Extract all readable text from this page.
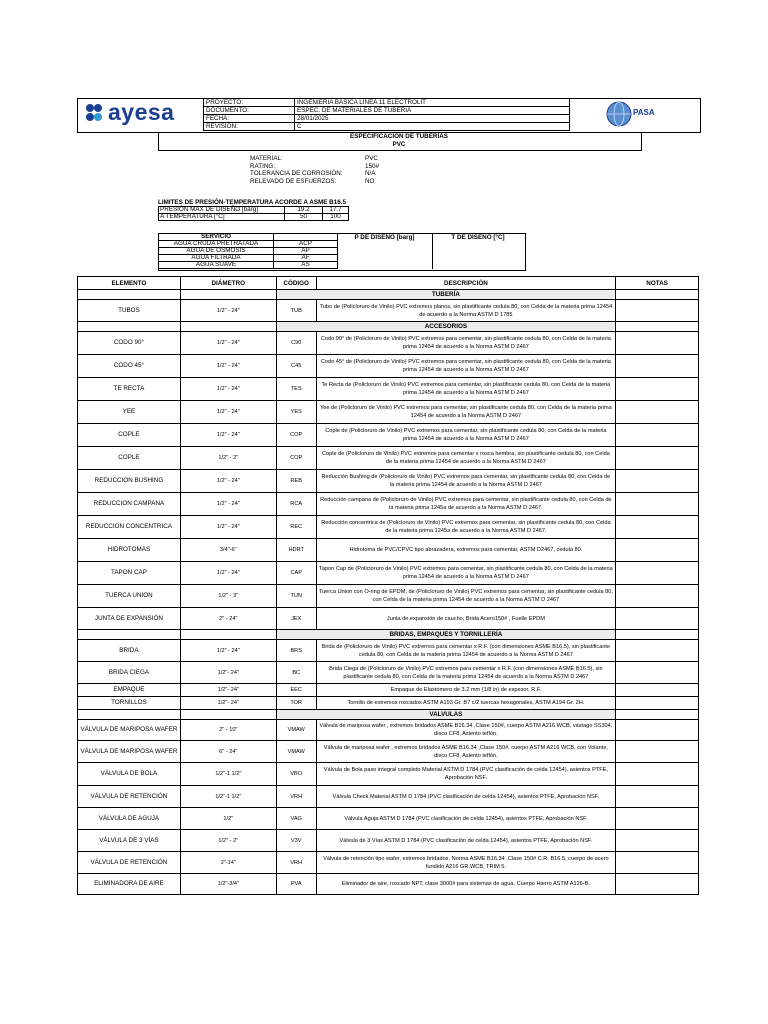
ayesa	PROYECTO:	INGENIERIA BASICA LINEA 11 ELECTROLIT
DOCUMENTO:	ESPEC. DE MATERIALES DE TUBERIA
FECHA:	28/01/2025
REVISIÓN:	C
PASA
ESPECIFICACIÓN DE TUBERÍAS
PVC
MATERIAL:	PVC
RATING:	150#
TOLERANCIA DE CORROSIÓN:	N/A
RELEVADO DE ESFUERZOS:	NO
LIMITES DE PRESIÓN-TEMPERATURA ACORDE A ASME B16.5
PRESIÓN MAX DE DISEÑO [barg]	19.2	17.7
A TEMPERATURA [°C]	50	100
SERVICIO	
AGUA CRUDA PRETRATADA	ACP
AGUA DE OSMOSIS	AP
AGUA FILTRADA	AF
AGUA SUAVE	AS
P DE DISEÑO [barg]	T DE DISEÑO [°C]
ELEMENTO	DIÁMETRO	CÓDIGO	DESCRIPCIÓN	NOTAS
		TUBERÍA		
TUBOS	1/2" - 24"	TUB	Tubo de (Policloruro de Vinilo) PVC extremos planos, sin plastificante cedula 80, con Celda de la materia prima 12454 de acuerdo a la Norma ASTM D 1785	
		ACCESORIOS		
CODO 90°	1/2" - 24"	C90	Codo 90° de (Policloruro de Vinilo) PVC extremos para cementar, sin plastificante cedula 80, con Celda de la materia prima 12454 de acuerdo a la Norma ASTM D 2467	
CODO 45°	1/2" - 24"	C45	Codo 45° de (Policloruro de Vinilo) PVC extremos para cementar, sin plastificante cedula 80, con Celda de la materia prima 12454 de acuerdo a la Norma ASTM D 2467	
TE RECTA	1/2" - 24"	TES	Te Recta de (Policloruro de Vinilo) PVC extremos para cementar, sin plastificante cedula 80, con Celda de la materia prima 12454 de acuerdo a la Norma ASTM D 2467	
YEE	1/2" - 24"	YES	Yee de (Policloruro de Vinilo) PVC extremos para cementar, sin plastificante cedula 80, con Celda de la materia prima 12454 de acuerdo a la Norma ASTM D 2467	
COPLE	1/2" - 24"	COP	Cople de (Policloruro de Vinilo) PVC extremos para cementar, sin plastificante cedula 80, con Celda de la materia prima 12454 de acuerdo a la Norma ASTM D 2467	
COPLE	1/2" - 2"	COP	Cople de (Policloruro de Vinilo) PVC extremos para cementar x rosca hembra, sin plastificante cedula 80, con Celda de la materia prima 12454 de acuerdo a la Norma ASTM D 2467	
REDUCCION BUSHING	1/2" - 24"	REB	Reducción Bushing de (Policloruro de Vinilo) PVC extremos para cementar, sin plastificante cedula 80, con Celda de la materia prima 12454 de acuerdo a la Norma ASTM D 2467	
REDUCCION CAMPANA	1/2" - 24"	RCA	Reducción campana de (Policloruro de Vinilo) PVC extremos para cementar, sin plastificante cedula 80, con Celda de la materia prima 1245a de acuerdo a la Norma ASTM D 2467.	
REDUCCION CONCENTRICA	1/2" - 24"	REC	Reducción concentrica de (Policloruro de Vinilo) PVC extremos para cementar, sin plastificante cedula 80, con Celda de la materia prima 1245a de acuerdo a la Norma ASTM D 2467.	
HIDROTOMAS	3/4"-6"	HDRT	Hidrotoma de PVC/CPVC tipo abrazadera, extremos para cementar, ASTM D2467, cedula 80.	
TAPON CAP	1/2" - 24"	CAP	Tapon Cap de (Policloruro de Vinilo) PVC extremos para cementar, sin plastificante cedula 80, con Celda de la materia prima 12454 de acuerdo a la Norma ASTM D 2467	
TUERCA UNION	1/2" - 3"	TUN	Tuerca Union con O-ring de EPDM, de (Policloruro de Vinilo) PVC extremos para cementar, sin plastificante cedula 80, con Celda de la materia prima 12454 de acuerdo a la Norma ASTM D 2467	
JUNTA DE EXPANSIÓN	2" - 24"	JEX	Junta de expansión de caucho, Brida Acero150# , Fuelle EPDM	
		BRIDAS, EMPAQUES Y TORNILLERÍA		
BRIDA	1/2" - 24"	BRS	Brida de (Policloruro de Vinilo) PVC extremos para cementar x R.F. (con dimensiones ASME B16.5), sin plastificante cedula 80, con Celda de la materia prima 12454 de acuerdo a la Norma ASTM D 2467	
BRIDA CIEGA	1/2"- 24"	BC	Brida Ciega de (Policloruro de Vinilo) PVC extremos para cementar x R.F. (con dimensiones ASME B16.5), sin plastificante cedula 80, con Celda de la materia prima 12454 de acuerdo a la Norma ASTM D 2467	
EMPAQUE	1/2"- 24"	EEC	Empaque de Elastómero de 3.2 mm (1/8 in) de espesor, R.F.	
TORNILLOS	1/2"- 24"	TOR	Tornillo de extremos roscados ASTM A193 Gr. B7 c/2 tuercas hexagonales, ASTM A194 Gr. 2H.	
		VALVULAS		
VÁLVULA DE MARIPOSA WAFER	2" - 10"	VMAW	Válvula de mariposa wafer , extremos bridados ASME B16.34 ,Clase 150#, cuerpo ASTM A216 WCB, vástago SS304, disco CF8, Asiento teflón.	
VÁLVULA DE MARIPOSA WAFER	6" - 24"	VMAW	Válvula de mariposa wafer , extremos bridados ASME B16.34 ,Clase 150#, cuerpo ASTM A216 WCB, con Volante, disco CF8, Asiento teflón.	
VÁLVULA DE BOLA	1/2"-1 1/2"	VBO	Válvula de Bola paso integral completo Material ASTM D 1784 (PVC clasificación de celda 12454), asientos PTFE, Aprobación NSF.	
VÁLVULA DE RETENCIÓN	1/2"-1 1/2"	VRH	Válvula Check Material ASTM D 1784 (PVC clasificación de celda 12454), asientos PTFE, Aprobación NSF.	
VÁLVULA DE AGUJA	1/2"	VAG	Válvula Aguja ASTM D 1784 (PVC clasificación de celda 12454), asientos PTFE, Aprobación NSF.	
VÁLVULA DE 3 VÍAS	1/2" - 2"	V3V	Válvula de 3 Vías ASTM D 1784 (PVC clasificación de celda 12454), asientos PTFE, Aprobación NSF.	
VÁLVULA DE RETENCIÓN	2"-14"	VRH	Válvula de retención tipo wafer, extremos bridados, Norma ASME B16.34 ,Clase 150# C.R. B16.5, cuerpo de acero fundido A216 GR.WCB, TRIM 5.	
ELIMINADORA DE AIRE	1/2"-3/4"	PVA	Eliminador de aire, roscado NPT, clase 3000# para sistemas de agua. Cuerpo Hierro ASTM A126-B.	
